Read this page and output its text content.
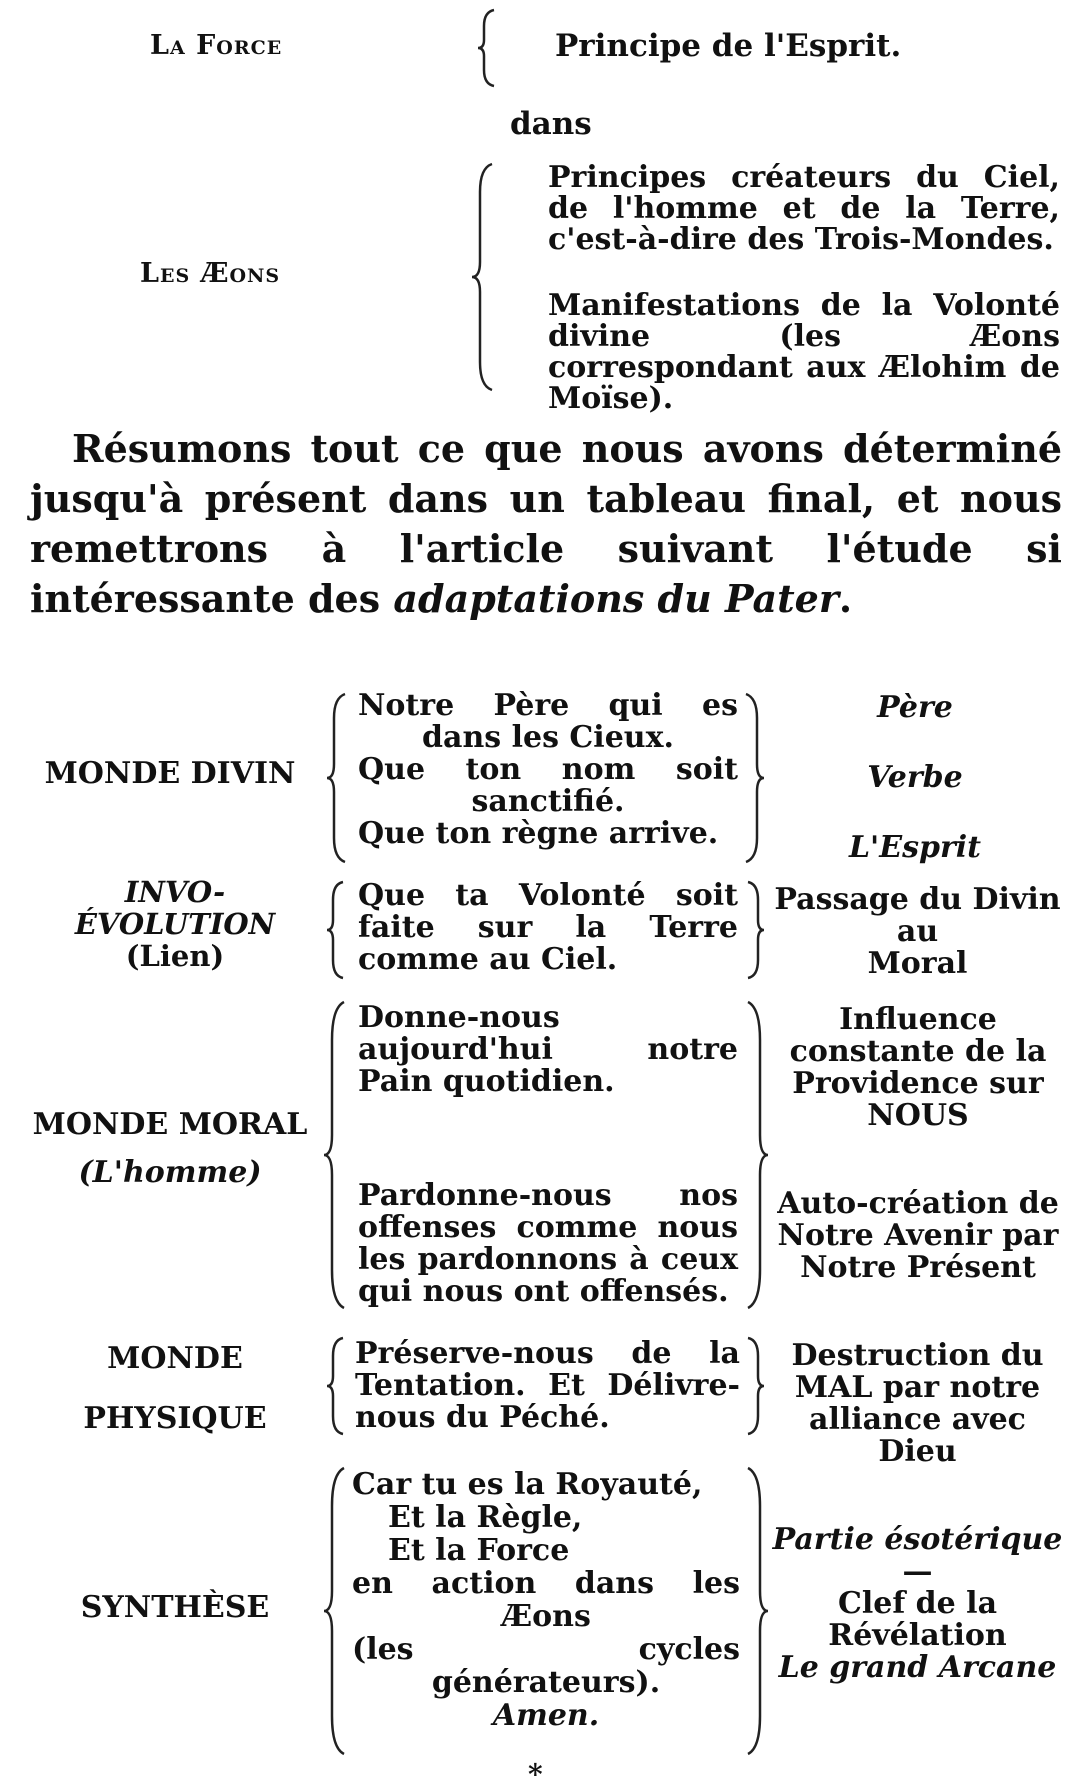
La Force	Principe de l'Esprit.
dans
Les Æons
Principes créateurs du Ciel, de l'homme et de la Terre, c'est-à-dire des Trois-Mondes.
Manifestations de la Volonté divine (les Æons correspondant aux Ælohim de Moïse).
Résumons tout ce que nous avons déterminé jusqu'à présent dans un tableau final, et nous remettrons à l'article suivant l'étude si intéressante des adaptations du Pater.
MONDE DIVIN
Notre Père qui es dans les Cieux.
Que ton nom soit sanctifié.
Que ton règne arrive.
Père
Verbe
L'Esprit
INVO-
ÉVOLUTION
(Lien)
Que ta Volonté soit faite sur la Terre comme au Ciel.
Passage du Divin
au
Moral
MONDE MORAL
(L'homme)
Donne-nous aujourd'hui notre Pain quotidien.
Pardonne-nous nos offenses comme nous les pardonnons à ceux qui nous ont offensés.
Influence constante de la Providence sur NOUS
Auto-création de Notre Avenir par Notre Présent
MONDE
PHYSIQUE
Préserve-nous de la Tentation. Et Délivre-nous du Péché.
Destruction du MAL par notre alliance avec Dieu
SYNTHÈSE
Car tu es la Royauté,
Et la Règle,
Et la Force
en action dans les Æons
(les cycles générateurs).
Amen.
Partie ésotérique
—
Clef de la Révélation
Le grand Arcane
*
